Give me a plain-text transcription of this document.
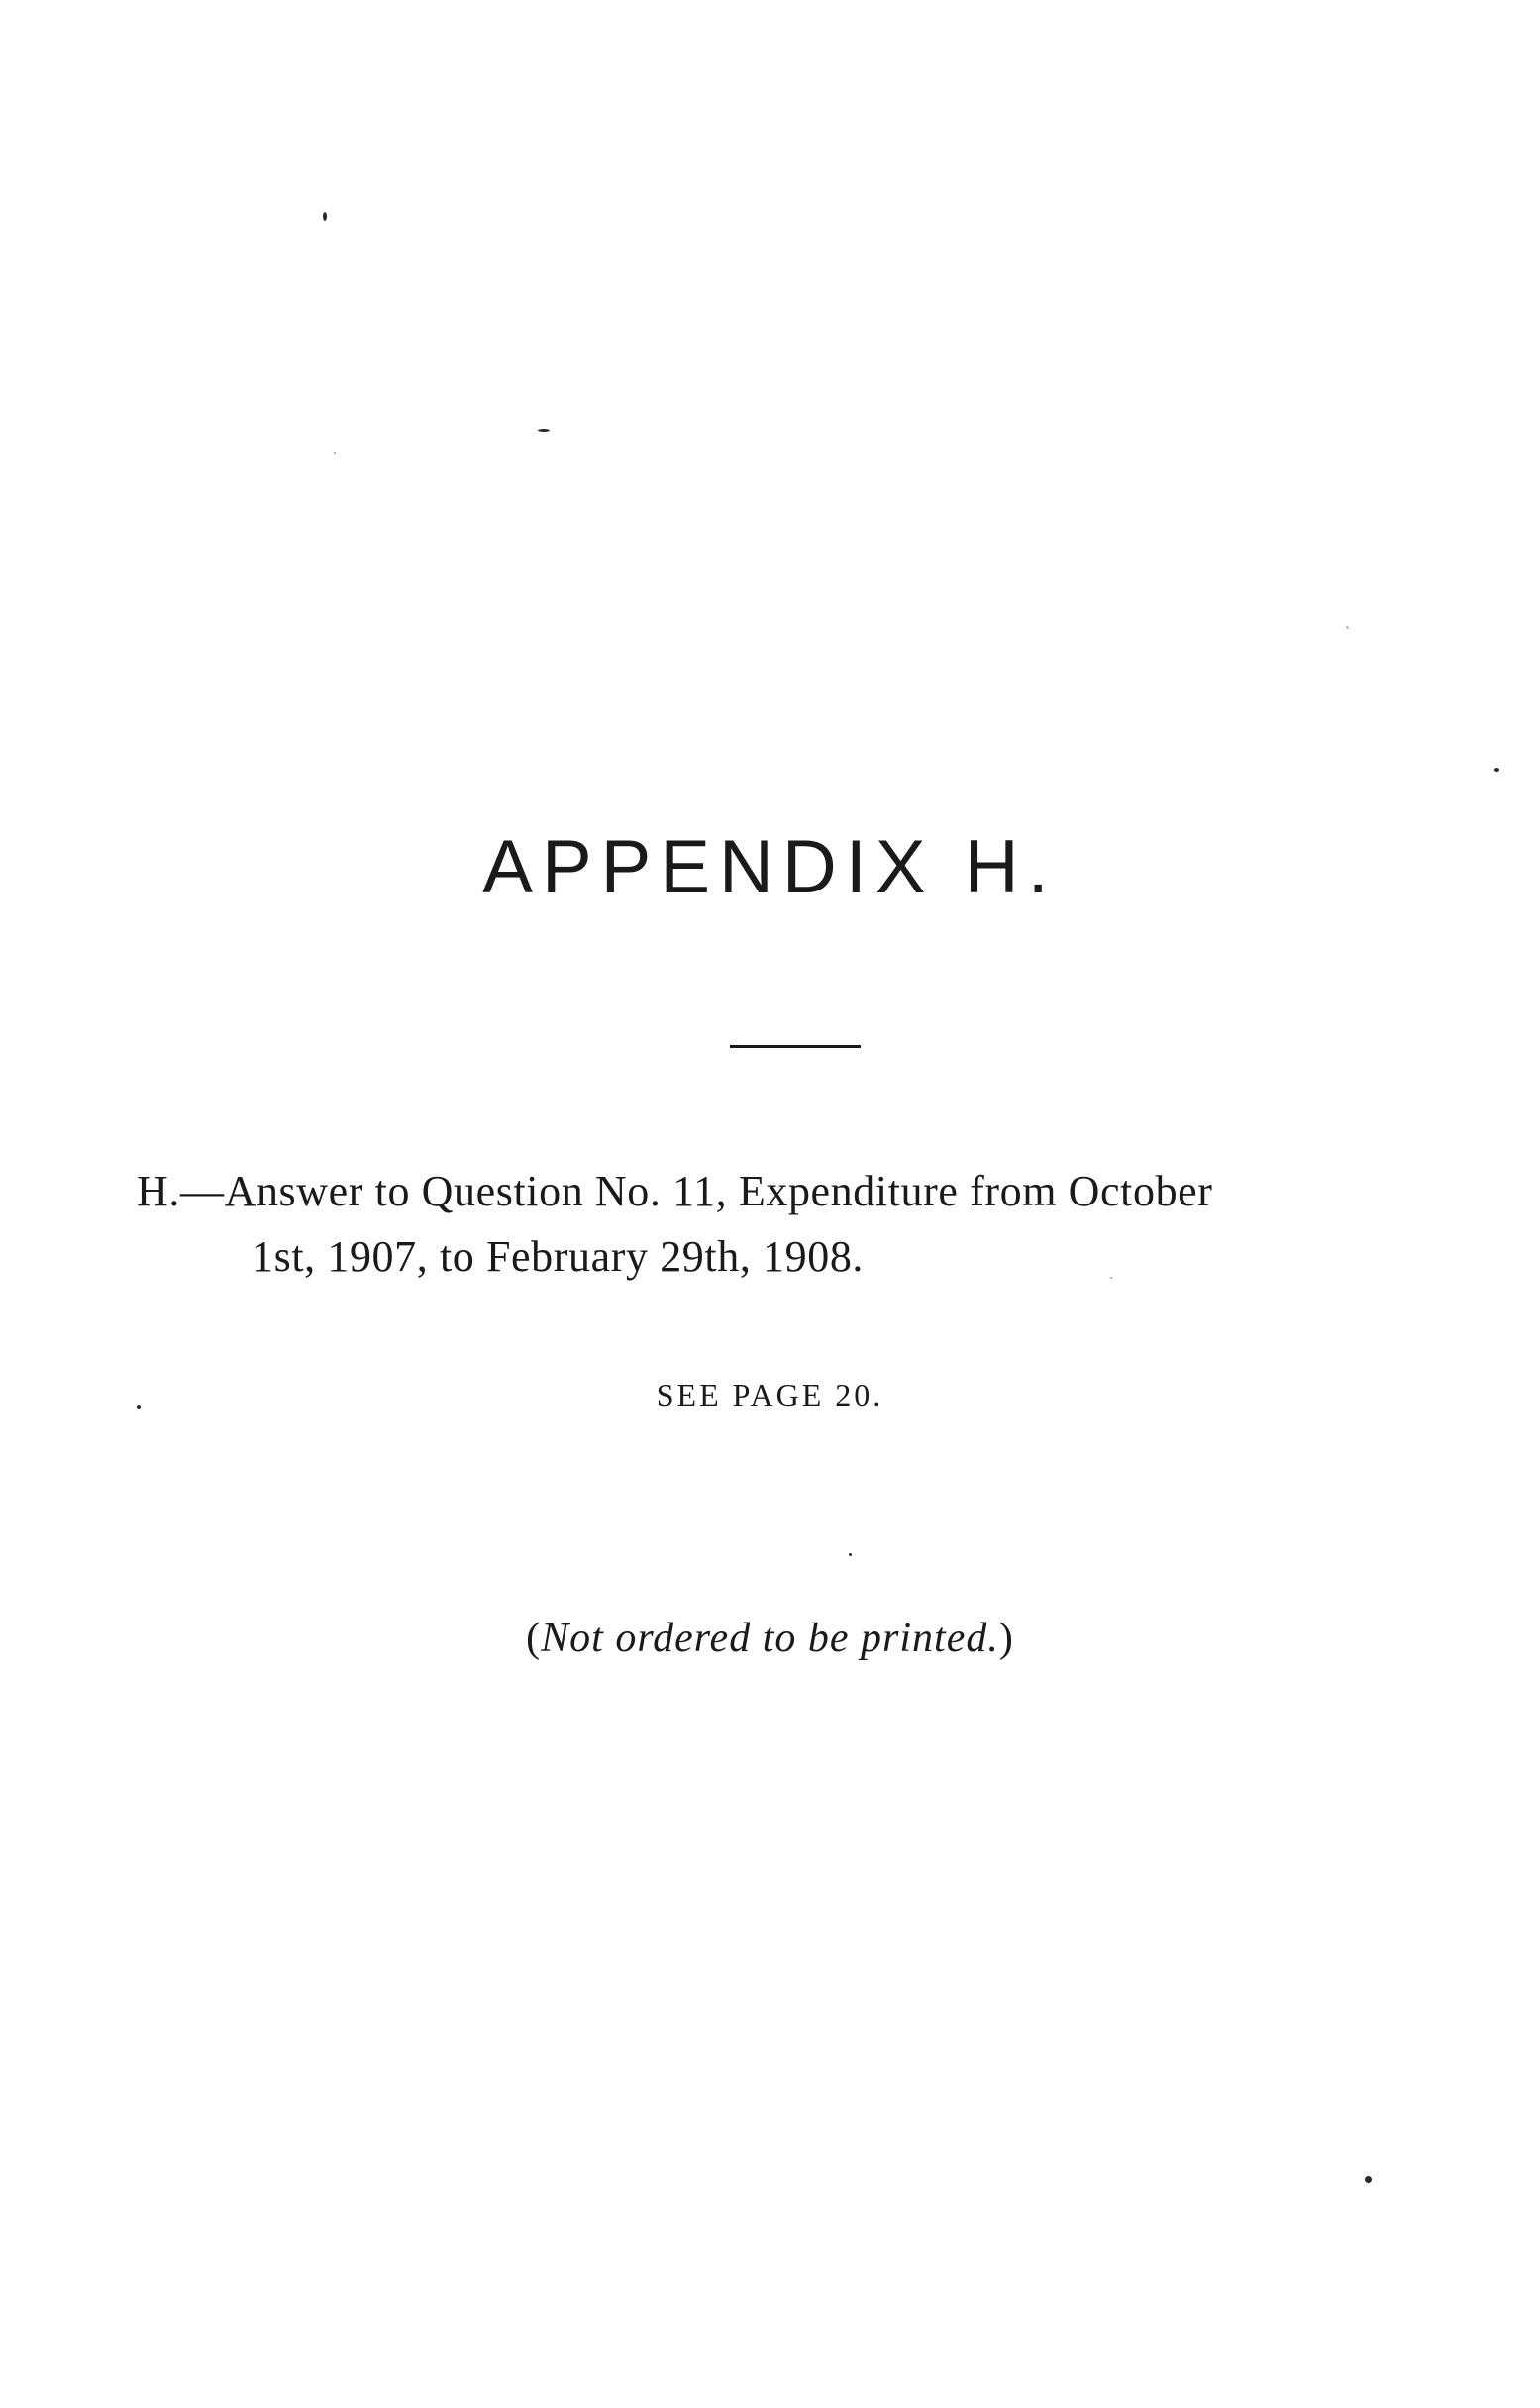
APPENDIX H.
H.—Answer to Question No. 11, Expenditure from October
1st, 1907, to February 29th, 1908.
SEE PAGE 20.
(Not ordered to be printed.)
